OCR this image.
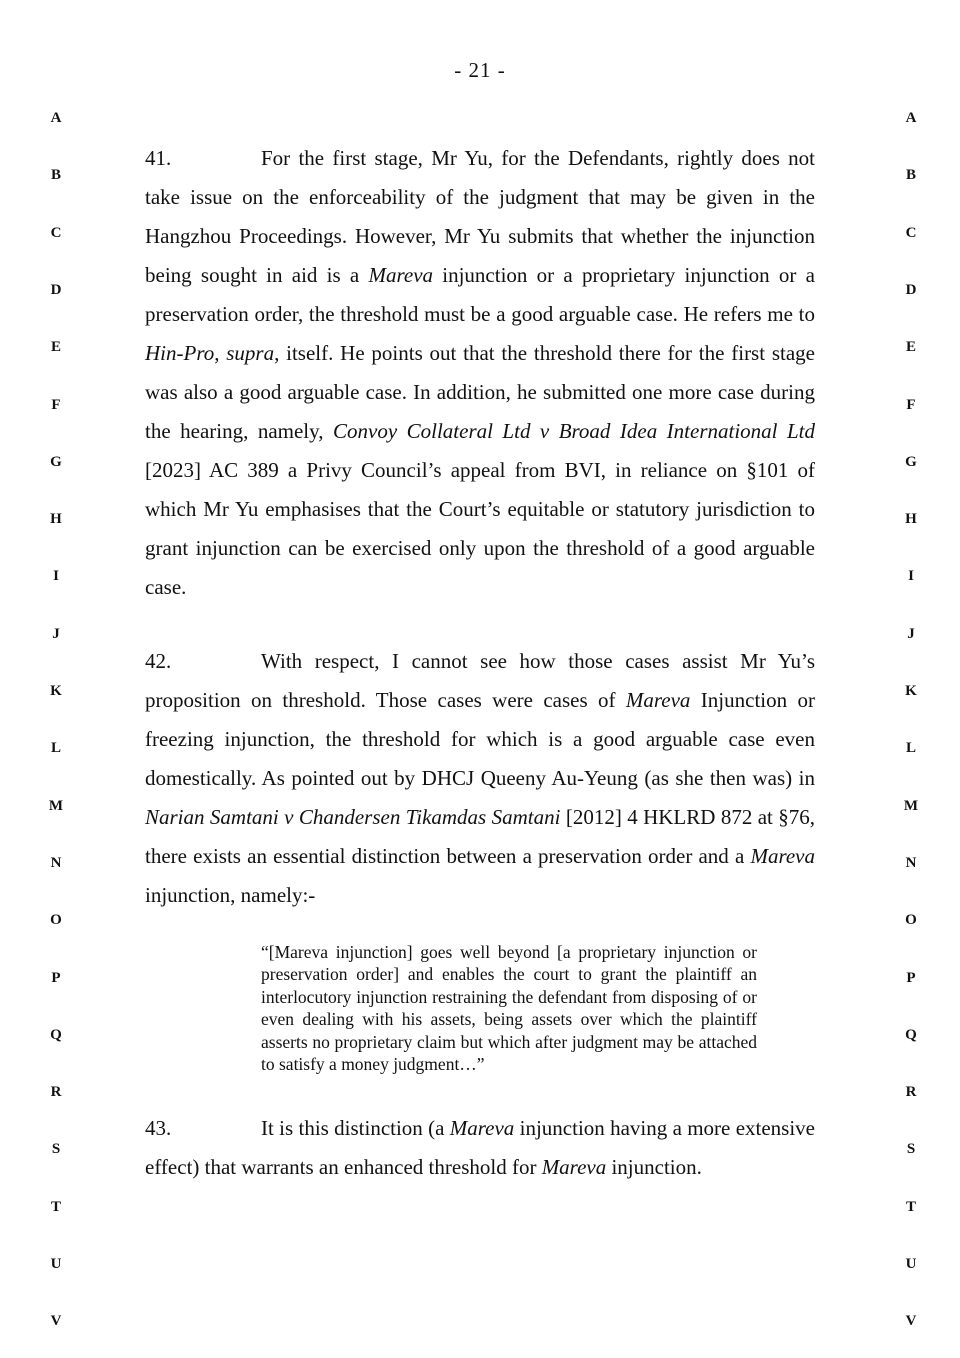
- 21 -
A
B
C
D
E
F
G
H
I
J
K
L
M
N
O
P
Q
R
S
T
U
V
A
B
C
D
E
F
G
H
I
J
K
L
M
N
O
P
Q
R
S
T
U
V

41.	For the first stage, Mr Yu, for the Defendants, rightly does not take issue on the enforceability of the judgment that may be given in the Hangzhou Proceedings. However, Mr Yu submits that whether the injunction being sought in aid is a Mareva injunction or a proprietary injunction or a preservation order, the threshold must be a good arguable case. He refers me to Hin-Pro, supra, itself. He points out that the threshold there for the first stage was also a good arguable case. In addition, he submitted one more case during the hearing, namely, Convoy Collateral Ltd v Broad Idea International Ltd [2023] AC 389 a Privy Council’s appeal from BVI, in reliance on §101 of which Mr Yu emphasises that the Court’s equitable or statutory jurisdiction to grant injunction can be exercised only upon the threshold of a good arguable case.

42.	With respect, I cannot see how those cases assist Mr Yu’s proposition on threshold. Those cases were cases of Mareva Injunction or freezing injunction, the threshold for which is a good arguable case even domestically. As pointed out by DHCJ Queeny Au-Yeung (as she then was) in Narian Samtani v Chandersen Tikamdas Samtani [2012] 4 HKLRD 872 at §76, there exists an essential distinction between a preservation order and a Mareva injunction, namely:-

“[Mareva injunction] goes well beyond [a proprietary injunction or preservation order] and enables the court to grant the plaintiff an interlocutory injunction restraining the defendant from disposing of or even dealing with his assets, being assets over which the plaintiff asserts no proprietary claim but which after judgment may be attached to satisfy a money judgment…”

43.	It is this distinction (a Mareva injunction having a more extensive effect) that warrants an enhanced threshold for Mareva injunction.
